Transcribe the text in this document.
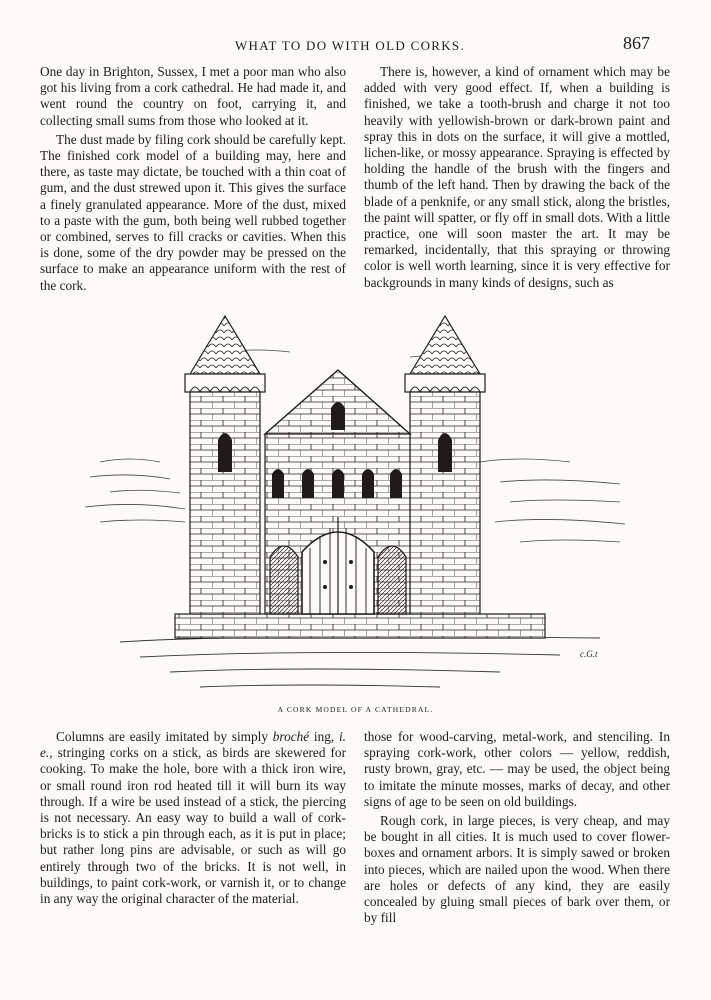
WHAT TO DO WITH OLD CORKS.	867

One day in Brighton, Sussex, I met a poor man who also got his living from a cork cathedral. He had made it, and went round the country on foot, carrying it, and collecting small sums from those who looked at it.

The dust made by filing cork should be carefully kept. The finished cork model of a building may, here and there, as taste may dictate, be touched with a thin coat of gum, and the dust strewed upon it. This gives the surface a finely granulated appearance. More of the dust, mixed to a paste with the gum, both being well rubbed together or combined, serves to fill cracks or cavities. When this is done, some of the dry powder may be pressed on the surface to make an appearance uniform with the rest of the cork.

There is, however, a kind of ornament which may be added with very good effect. If, when a building is finished, we take a tooth-brush and charge it not too heavily with yellowish-brown or dark-brown paint and spray this in dots on the surface, it will give a mottled, lichen-like, or mossy appearance. Spraying is effected by holding the handle of the brush with the fingers and thumb of the left hand. Then by drawing the back of the blade of a penknife, or any small stick, along the bristles, the paint will spatter, or fly off in small dots. With a little practice, one will soon master the art. It may be remarked, incidentally, that this spraying or throwing color is well worth learning, since it is very effective for backgrounds in many kinds of designs, such as

c.G.t
A CORK MODEL OF A CATHEDRAL.

Columns are easily imitated by simply broché ing, i. e., stringing corks on a stick, as birds are skewered for cooking. To make the hole, bore with a thick iron wire, or small round iron rod heated till it will burn its way through. If a wire be used instead of a stick, the piercing is not necessary. An easy way to build a wall of corkbricks is to stick a pin through each, as it is put in place; but rather long pins are advisable, or such as will go entirely through two of the bricks. It is not well, in buildings, to paint cork-work, or varnish it, or to change in any way the original character of the material.

those for wood-carving, metal-work, and stenciling. In spraying cork-work, other colors — yellow, reddish, rusty brown, gray, etc. — may be used, the object being to imitate the minute mosses, marks of decay, and other signs of age to be seen on old buildings.

Rough cork, in large pieces, is very cheap, and may be bought in all cities. It is much used to cover flower-boxes and ornament arbors. It is simply sawed or broken into pieces, which are nailed upon the wood. When there are holes or defects of any kind, they are easily concealed by gluing small pieces of bark over them, or by fill
